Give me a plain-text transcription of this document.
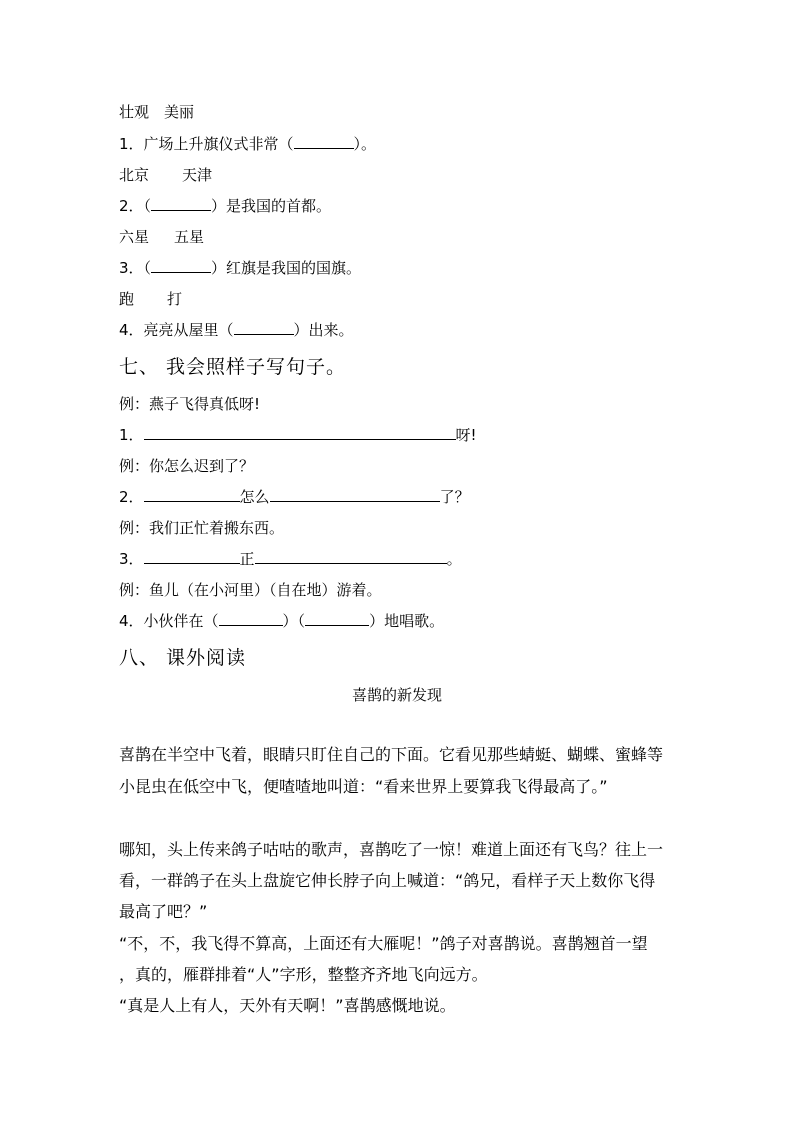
壮观 美丽
1．广场上升旗仪式非常（	）。
北京 天津
2．（	）是我国的首都。
六星 五星
3．（	）红旗是我国的国旗。
跑 打
4．亮亮从屋里（	）出来。
七、 我会照样子写句子。
例：燕子飞得真低呀!
1．	呀!
例：你怎么迟到了？
2．	怎么	了？
例：我们正忙着搬东西。
3．	正	。
例：鱼儿（在小河里）（自在地）游着。
4．小伙伴在（	）（	）地唱歌。
八、 课外阅读
喜鹊的新发现
喜鹊在半空中飞着，眼睛只盯住自己的下面。它看见那些蜻蜓、蝴蝶、蜜蜂等
小昆虫在低空中飞，便喳喳地叫道：“看来世界上要算我飞得最高了。”
哪知，头上传来鸽子咕咕的歌声，喜鹊吃了一惊！难道上面还有飞鸟？往上一
看，一群鸽子在头上盘旋它伸长脖子向上喊道：“鸽兄，看样子天上数你飞得
最高了吧？”
“不，不，我飞得不算高，上面还有大雁呢！”鸽子对喜鹊说。喜鹊翘首一望
，真的，雁群排着“人”字形，整整齐齐地飞向远方。
“真是人上有人，天外有天啊！”喜鹊感慨地说。
